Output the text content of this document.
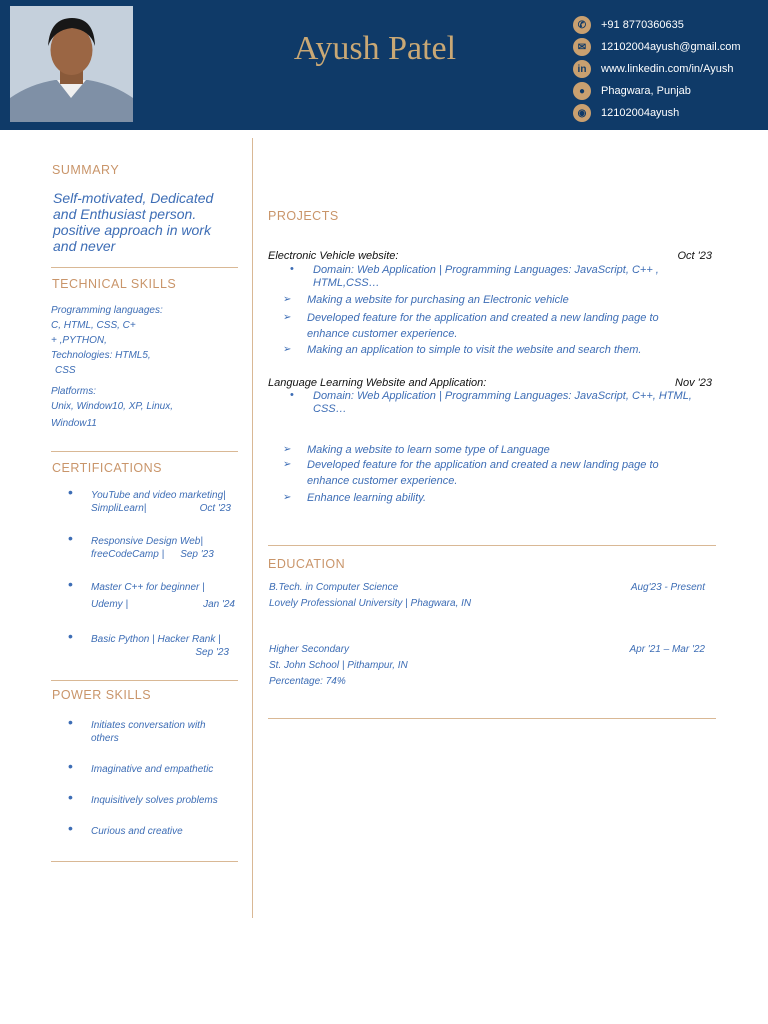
Ayush Patel
✆	+91 8770360635
✉	12102004ayush@gmail.com
in	www.linkedin.com/in/Ayush
●	Phagwara, Punjab
◉	12102004ayush
SUMMARY
Self-motivated, Dedicated and Enthusiast person. positive approach in work and never
TECHNICAL SKILLS

Programming languages:

C, HTML, CSS, C+

+ ,PYTHON,

Technologies: HTML5,

CSS

Platforms:

Unix, Window10, XP, Linux,

Window11

CERTIFICATIONS
• YouTube and video marketing|
SimpliLearn|	Oct '23
• Responsive Design Web|
freeCodeCamp | Sep '23
• Master C++ for beginner |
Udemy |	Jan '24
• Basic Python | Hacker Rank |
Sep '23

POWER SKILLS
• Initiates conversation with others
• Imaginative and empathetic
• Inquisitively solves problems
• Curious and creative
PROJECTS
Electronic Vehicle website:	Oct '23
•	Domain: Web Application | Programming Languages: JavaScript, C++ , HTML,CSS…
➢	Making a website for purchasing an Electronic vehicle
➢	Developed feature for the application and created a new landing page to enhance customer experience.
➢	Making an application to simple to visit the website and search them.
Language Learning Website and Application:	Nov '23
•	Domain: Web Application | Programming Languages: JavaScript, C++, HTML, CSS…
➢	Making a website to learn some type of Language
➢	Developed feature for the application and created a new landing page to enhance customer experience.
➢	Enhance learning ability.
EDUCATION
B.Tech. in Computer Science	Aug'23 - Present
Lovely Professional University | Phagwara, IN
Higher Secondary	Apr '21 – Mar '22
St. John School | Pithampur, IN
Percentage: 74%
